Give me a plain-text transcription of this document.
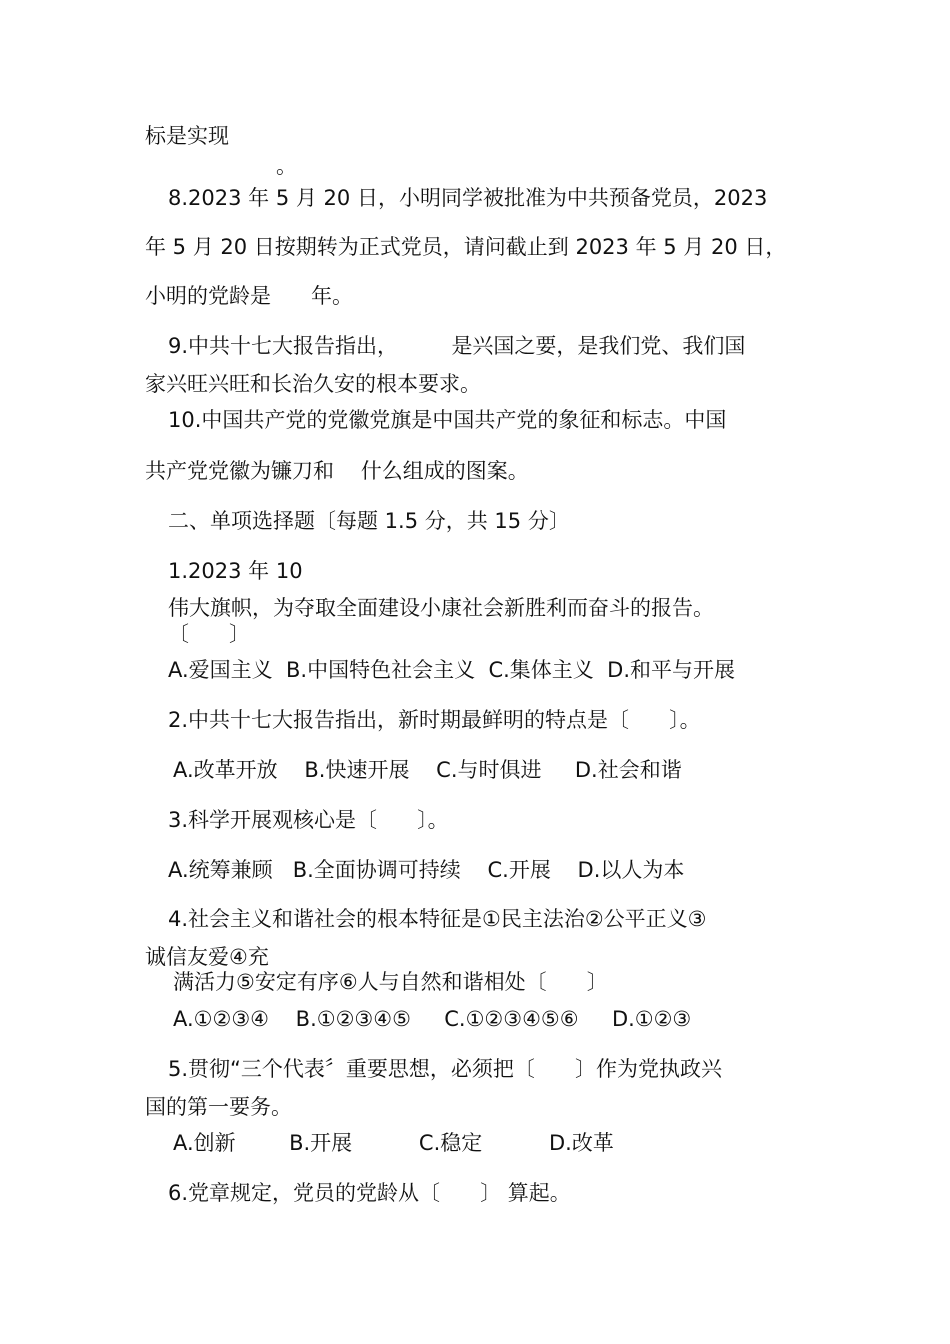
标是实现

。

8.2023 年 5 月 20 日，小明同学被批准为中共预备党员，2023

年 5 月 20 日按期转为正式党员，请问截止到 2023 年 5 月 20 日，

小明的党龄是      年。

9.中共十七大报告指出，        是兴国之要，是我们党、我们国

家兴旺兴旺和长治久安的根本要求。

10.中国共产党的党徽党旗是中国共产党的象征和标志。中国

共产党党徽为镰刀和    什么组成的图案。

二、单项选择题〔每题 1.5 分，共 15 分〕

1.2023 年 10

伟大旗帜，为夺取全面建设小康社会新胜利而奋斗的报告。

〔      〕

A.爱国主义  B.中国特色社会主义  C.集体主义  D.和平与开展

2.中共十七大报告指出，新时期最鲜明的特点是〔      〕。

A.改革开放    B.快速开展    C.与时俱进     D.社会和谐

3.科学开展观核心是〔      〕。

A.统筹兼顾   B.全面协调可持续    C.开展    D.以人为本

4.社会主义和谐社会的根本特征是①民主法治②公平正义③

诚信友爱④充

满活力⑤安定有序⑥人与自然和谐相处〔      〕

A.①②③④    B.①②③④⑤     C.①②③④⑤⑥     D.①②③

5.贯彻“三个代表〞重要思想，必须把〔      〕作为党执政兴

国的第一要务。

A.创新        B.开展          C.稳定          D.改革

6.党章规定，党员的党龄从〔      〕 算起。
